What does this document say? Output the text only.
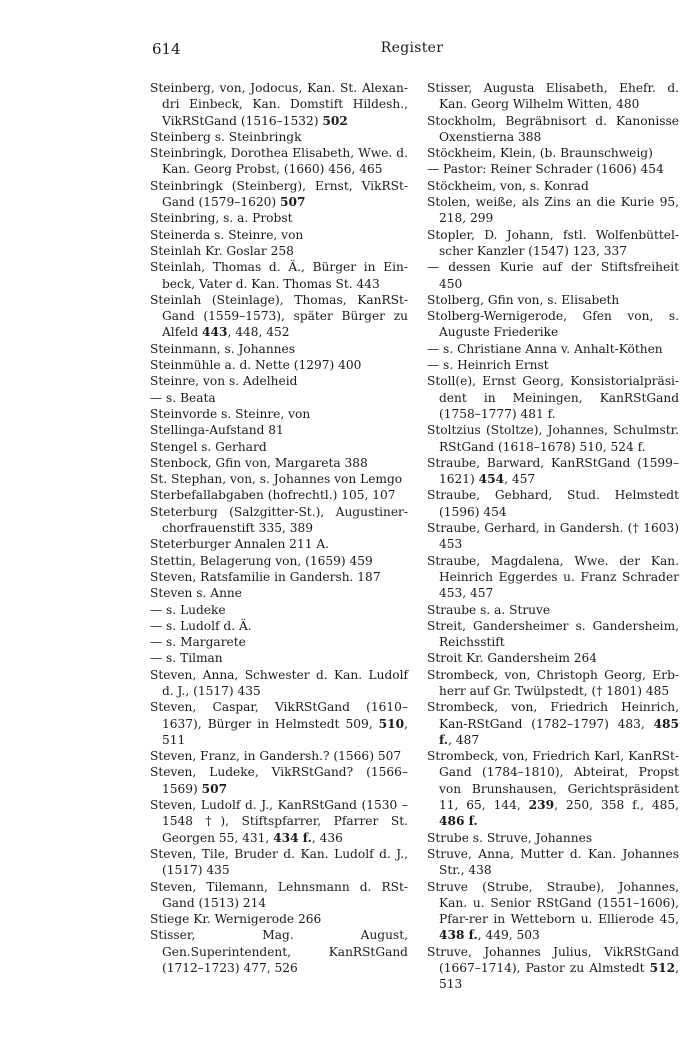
614	Register

Steinberg, von, Jodocus, Kan. St. Alexan-dri Einbeck, Kan. Domstift Hildesh., VikRStGand (1516–1532) 502

Steinberg s. Steinbringk

Steinbringk, Dorothea Elisabeth, Wwe. d. Kan. Georg Probst, (1660) 456, 465

Steinbringk (Steinberg), Ernst, VikRSt-Gand (1579–1620) 507

Steinbring, s. a. Probst

Steinerda s. Steinre, von

Steinlah Kr. Goslar 258

Steinlah, Thomas d. Ä., Bürger in Ein-beck, Vater d. Kan. Thomas St. 443

Steinlah (Steinlage), Thomas, KanRSt-Gand (1559–1573), später Bürger zu Alfeld 443, 448, 452

Steinmann, s. Johannes

Steinmühle a. d. Nette (1297) 400

Steinre, von s. Adelheid

— s. Beata

Steinvorde s. Steinre, von

Stellinga-Aufstand 81

Stengel s. Gerhard

Stenbock, Gfin von, Margareta 388

St. Stephan, von, s. Johannes von Lemgo

Sterbefallabgaben (hofrechtl.) 105, 107

Steterburg (Salzgitter-St.), Augustiner-chorfrauenstift 335, 389

Steterburger Annalen 211 A.

Stettin, Belagerung von, (1659) 459

Steven, Ratsfamilie in Gandersh. 187

Steven s. Anne

— s. Ludeke

— s. Ludolf d. Ä.

— s. Margarete

— s. Tilman

Steven, Anna, Schwester d. Kan. Ludolf d. J., (1517) 435

Steven, Caspar, VikRStGand (1610–1637), Bürger in Helmstedt 509, 510, 511

Steven, Franz, in Gandersh.? (1566) 507

Steven, Ludeke, VikRStGand? (1566–1569) 507

Steven, Ludolf d. J., KanRStGand (1530 –1548 †), Stiftspfarrer, Pfarrer St. Georgen 55, 431, 434 f., 436

Steven, Tile, Bruder d. Kan. Ludolf d. J., (1517) 435

Steven, Tilemann, Lehnsmann d. RSt-Gand (1513) 214

Stiege Kr. Wernigerode 266

Stisser, Mag. August, Gen.Superintendent, KanRStGand (1712–1723) 477, 526

Stisser, Augusta Elisabeth, Ehefr. d. Kan. Georg Wilhelm Witten, 480

Stockholm, Begräbnisort d. Kanonisse Oxenstierna 388

Stöckheim, Klein, (b. Braunschweig)

— Pastor: Reiner Schrader (1606) 454

Stöckheim, von, s. Konrad

Stolen, weiße, als Zins an die Kurie 95, 218, 299

Stopler, D. Johann, fstl. Wolfenbüttel-scher Kanzler (1547) 123, 337

— dessen Kurie auf der Stiftsfreiheit 450

Stolberg, Gfin von, s. Elisabeth

Stolberg-Wernigerode, Gfen von, s. Auguste Friederike

— s. Christiane Anna v. Anhalt-Köthen

— s. Heinrich Ernst

Stoll(e), Ernst Georg, Konsistorialpräsi-dent in Meiningen, KanRStGand (1758–1777) 481 f.

Stoltzius (Stoltze), Johannes, Schulmstr. RStGand (1618–1678) 510, 524 f.

Straube, Barward, KanRStGand (1599–1621) 454, 457

Straube, Gebhard, Stud. Helmstedt (1596) 454

Straube, Gerhard, in Gandersh. († 1603) 453

Straube, Magdalena, Wwe. der Kan. Heinrich Eggerdes u. Franz Schrader 453, 457

Straube s. a. Struve

Streit, Gandersheimer s. Gandersheim, Reichsstift

Stroit Kr. Gandersheim 264

Strombeck, von, Christoph Georg, Erb-herr auf Gr. Twülpstedt, († 1801) 485

Strombeck, von, Friedrich Heinrich, Kan-RStGand (1782–1797) 483, 485 f., 487

Strombeck, von, Friedrich Karl, KanRSt-Gand (1784–1810), Abteirat, Propst von Brunshausen, Gerichtspräsident 11, 65, 144, 239, 250, 358 f., 485, 486 f.

Strube s. Struve, Johannes

Struve, Anna, Mutter d. Kan. Johannes Str., 438

Struve (Strube, Straube), Johannes, Kan. u. Senior RStGand (1551–1606), Pfar-rer in Wetteborn u. Ellierode 45, 438 f., 449, 503

Struve, Johannes Julius, VikRStGand (1667–1714), Pastor zu Almstedt 512, 513
